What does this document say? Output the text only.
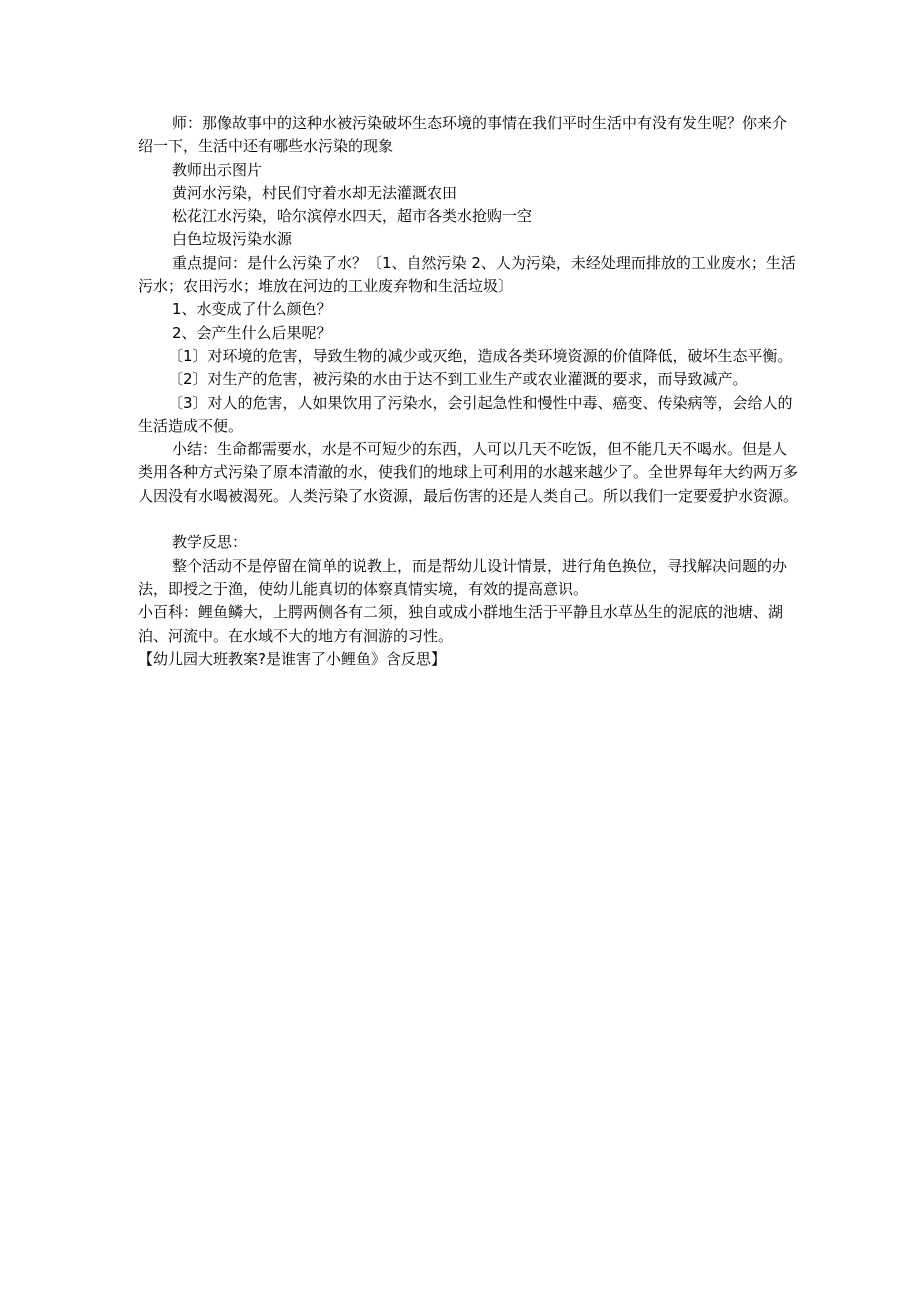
师：那像故事中的这种水被污染破坏生态环境的事情在我们平时生活中有没有发生呢？你来介绍一下，生活中还有哪些水污染的现象

教师出示图片

黄河水污染，村民们守着水却无法灌溉农田

松花江水污染，哈尔滨停水四天，超市各类水抢购一空

白色垃圾污染水源

重点提问：是什么污染了水？〔1、自然污染 2、人为污染，未经处理而排放的工业废水；生活污水；农田污水；堆放在河边的工业废弃物和生活垃圾〕

1、水变成了什么颜色？

2、会产生什么后果呢？

〔1〕对环境的危害，导致生物的减少或灭绝，造成各类环境资源的价值降低，破坏生态平衡。

〔2〕对生产的危害，被污染的水由于达不到工业生产或农业灌溉的要求，而导致减产。

〔3〕对人的危害，人如果饮用了污染水，会引起急性和慢性中毒、癌变、传染病等，会给人的生活造成不便。

小结：生命都需要水，水是不可短少的东西，人可以几天不吃饭，但不能几天不喝水。但是人类用各种方式污染了原本清澈的水，使我们的地球上可利用的水越来越少了。全世界每年大约两万多人因没有水喝被渴死。人类污染了水资源，最后伤害的还是人类自己。所以我们一定要爱护水资源。

教学反思：

整个活动不是停留在简单的说教上，而是帮幼儿设计情景，进行角色换位，寻找解决问题的办法，即授之于渔，使幼儿能真切的体察真情实境，有效的提高意识。

小百科：鲤鱼鳞大，上腭两侧各有二须，独自或成小群地生活于平静且水草丛生的泥底的池塘、湖泊、河流中。在水域不大的地方有洄游的习性。

【幼儿园大班教案?是谁害了小鲤鱼》含反思】
